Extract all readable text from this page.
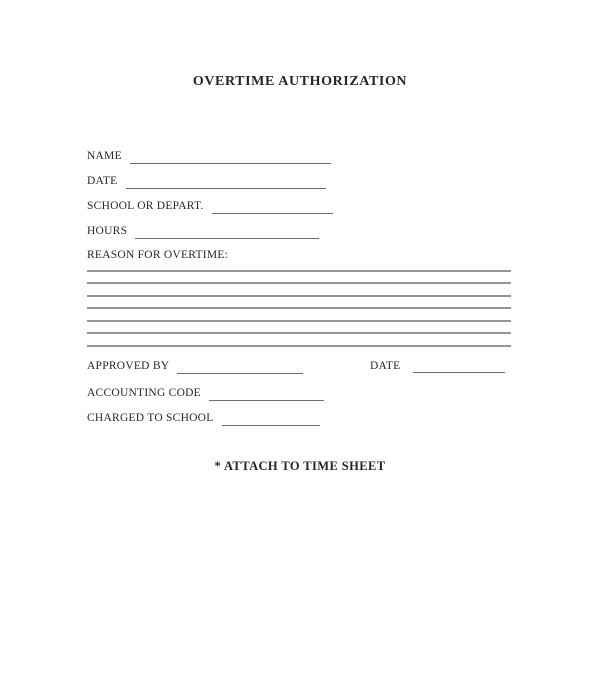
OVERTIME AUTHORIZATION
NAME
DATE
SCHOOL OR DEPART.
HOURS
REASON FOR OVERTIME:
APPROVED BY	DATE
ACCOUNTING CODE
CHARGED TO SCHOOL
* ATTACH TO TIME SHEET
